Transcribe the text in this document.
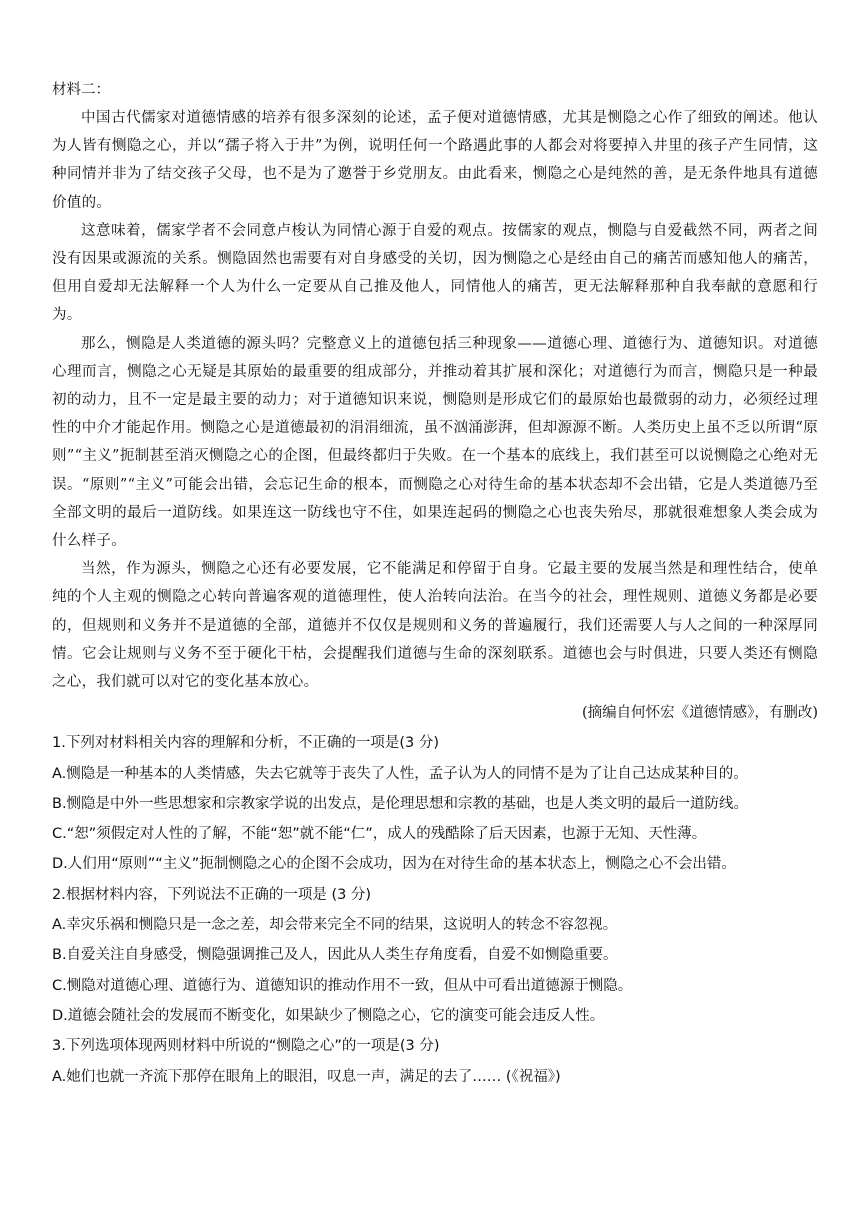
材料二：

中国古代儒家对道德情感的培养有很多深刻的论述，孟子便对道德情感，尤其是恻隐之心作了细致的阐述。他认为人皆有恻隐之心，并以“孺子将入于井”为例，说明任何一个路遇此事的人都会对将要掉入井里的孩子产生同情，这种同情并非为了结交孩子父母，也不是为了邀誉于乡党朋友。由此看来，恻隐之心是纯然的善，是无条件地具有道德价值的。

这意味着，儒家学者不会同意卢梭认为同情心源于自爱的观点。按儒家的观点，恻隐与自爱截然不同，两者之间没有因果或源流的关系。恻隐固然也需要有对自身感受的关切，因为恻隐之心是经由自己的痛苦而感知他人的痛苦，但用自爱却无法解释一个人为什么一定要从自己推及他人，同情他人的痛苦，更无法解释那种自我奉献的意愿和行为。

那么，恻隐是人类道德的源头吗？完整意义上的道德包括三种现象——道德心理、道德行为、道德知识。对道德心理而言，恻隐之心无疑是其原始的最重要的组成部分，并推动着其扩展和深化；对道德行为而言，恻隐只是一种最初的动力，且不一定是最主要的动力；对于道德知识来说，恻隐则是形成它们的最原始也最微弱的动力，必须经过理性的中介才能起作用。恻隐之心是道德最初的涓涓细流，虽不汹涌澎湃，但却源源不断。人类历史上虽不乏以所谓“原则”“主义”扼制甚至消灭恻隐之心的企图，但最终都归于失败。在一个基本的底线上，我们甚至可以说恻隐之心绝对无误。“原则”“主义”可能会出错，会忘记生命的根本，而恻隐之心对待生命的基本状态却不会出错，它是人类道德乃至全部文明的最后一道防线。如果连这一防线也守不住，如果连起码的恻隐之心也丧失殆尽，那就很难想象人类会成为什么样子。

当然，作为源头，恻隐之心还有必要发展，它不能满足和停留于自身。它最主要的发展当然是和理性结合，使单纯的个人主观的恻隐之心转向普遍客观的道德理性，使人治转向法治。在当今的社会，理性规则、道德义务都是必要的，但规则和义务并不是道德的全部，道德并不仅仅是规则和义务的普遍履行，我们还需要人与人之间的一种深厚同情。它会让规则与义务不至于硬化干枯，会提醒我们道德与生命的深刻联系。道德也会与时俱进，只要人类还有恻隐之心，我们就可以对它的变化基本放心。

(摘编自何怀宏《道德情感》，有删改)

1.下列对材料相关内容的理解和分析，不正确的一项是(3 分)

A.恻隐是一种基本的人类情感，失去它就等于丧失了人性，孟子认为人的同情不是为了让自己达成某种目的。

B.恻隐是中外一些思想家和宗教家学说的出发点，是伦理思想和宗教的基础，也是人类文明的最后一道防线。

C.“恕”须假定对人性的了解，不能“恕”就不能“仁”，成人的残酷除了后天因素，也源于无知、天性薄。

D.人们用“原则”“主义”扼制恻隐之心的企图不会成功，因为在对待生命的基本状态上，恻隐之心不会出错。

2.根据材料内容，下列说法不正确的一项是 (3 分)

A.幸灾乐祸和恻隐只是一念之差，却会带来完全不同的结果，这说明人的转念不容忽视。

B.自爱关注自身感受，恻隐强调推己及人，因此从人类生存角度看，自爱不如恻隐重要。

C.恻隐对道德心理、道德行为、道德知识的推动作用不一致，但从中可看出道德源于恻隐。

D.道德会随社会的发展而不断变化，如果缺少了恻隐之心，它的演变可能会违反人性。

3.下列选项体现两则材料中所说的“恻隐之心”的一项是(3 分)

A.她们也就一齐流下那停在眼角上的眼泪，叹息一声，满足的去了…… (《祝福》)
